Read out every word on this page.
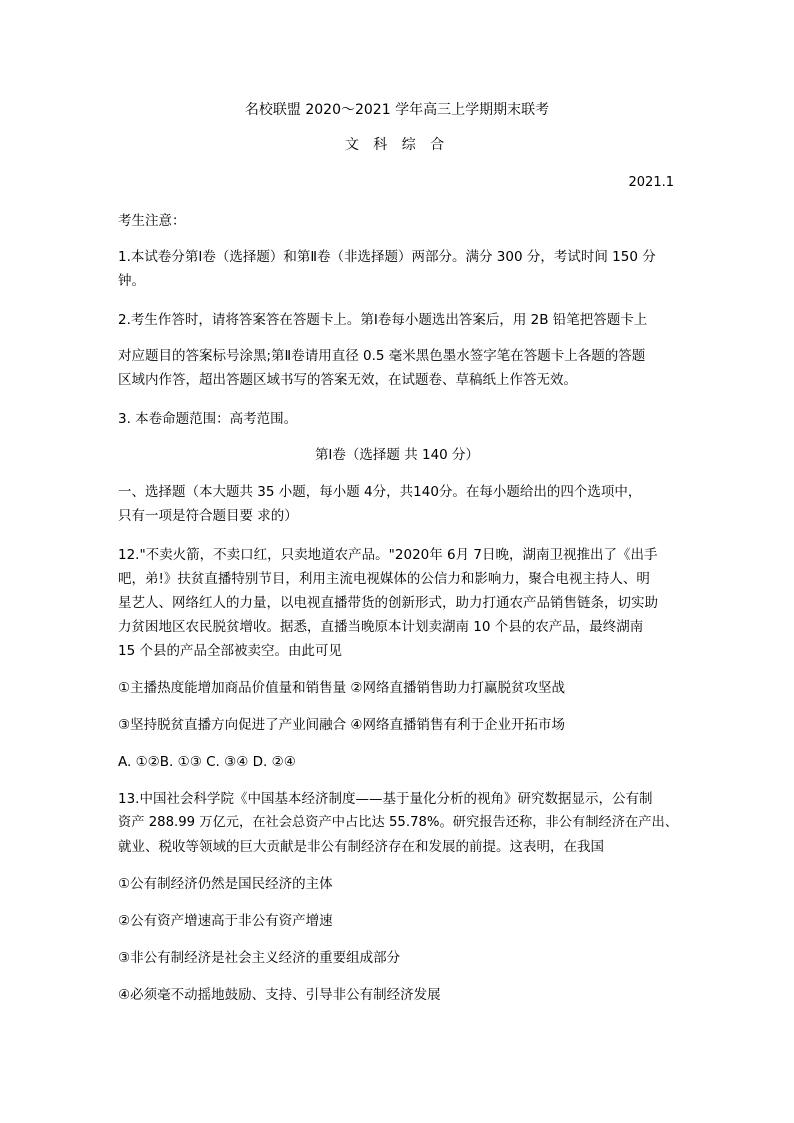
名校联盟 2020～2021 学年高三上学期期末联考
文 科 综 合
2021.1
考生注意：
1.本试卷分第Ⅰ卷（选择题）和第Ⅱ卷（非选择题）两部分。满分 300 分，考试时间 150 分
钟。
2.考生作答时，请将答案答在答题卡上。第Ⅰ卷每小题选出答案后，用 2B 铅笔把答题卡上
对应题目的答案标号涂黑;第Ⅱ卷请用直径 0.5 毫米黑色墨水签字笔在答题卡上各题的答题
区域内作答，超出答题区域书写的答案无效，在试题卷、草稿纸上作答无效。
3. 本卷命题范围：高考范围。
第Ⅰ卷（选择题 共 140 分）
一、选择题（本大题共 35 小题，每小题 4分，共140分。在每小题给出的四个选项中，
只有一项是符合题目要 求的）
12."不卖火箭，不卖口红，只卖地道农产品。"2020年 6月 7日晚，湖南卫视推出了《出手
吧，弟!》扶贫直播特别节目，利用主流电视媒体的公信力和影响力，聚合电视主持人、明
星艺人、网络红人的力量，以电视直播带货的创新形式，助力打通农产品销售链条，切实助
力贫困地区农民脱贫增收。据悉，直播当晚原本计划卖湖南 10 个县的农产品，最终湖南
15 个县的产品全部被卖空。由此可见
①主播热度能增加商品价值量和销售量 ②网络直播销售助力打赢脱贫攻坚战
③坚持脱贫直播方向促进了产业间融合 ④网络直播销售有利于企业开拓市场
A. ①②B. ①③ C. ③④ D. ②④
13.中国社会科学院《中国基本经济制度——基于量化分析的视角》研究数据显示，公有制
资产 288.99 万亿元，在社会总资产中占比达 55.78%。研究报告还称，非公有制经济在产出、
就业、税收等领域的巨大贡献是非公有制经济存在和发展的前提。这表明，在我国
①公有制经济仍然是国民经济的主体
②公有资产增速高于非公有资产增速
③非公有制经济是社会主义经济的重要组成部分
④必须毫不动摇地鼓励、支持、引导非公有制经济发展
